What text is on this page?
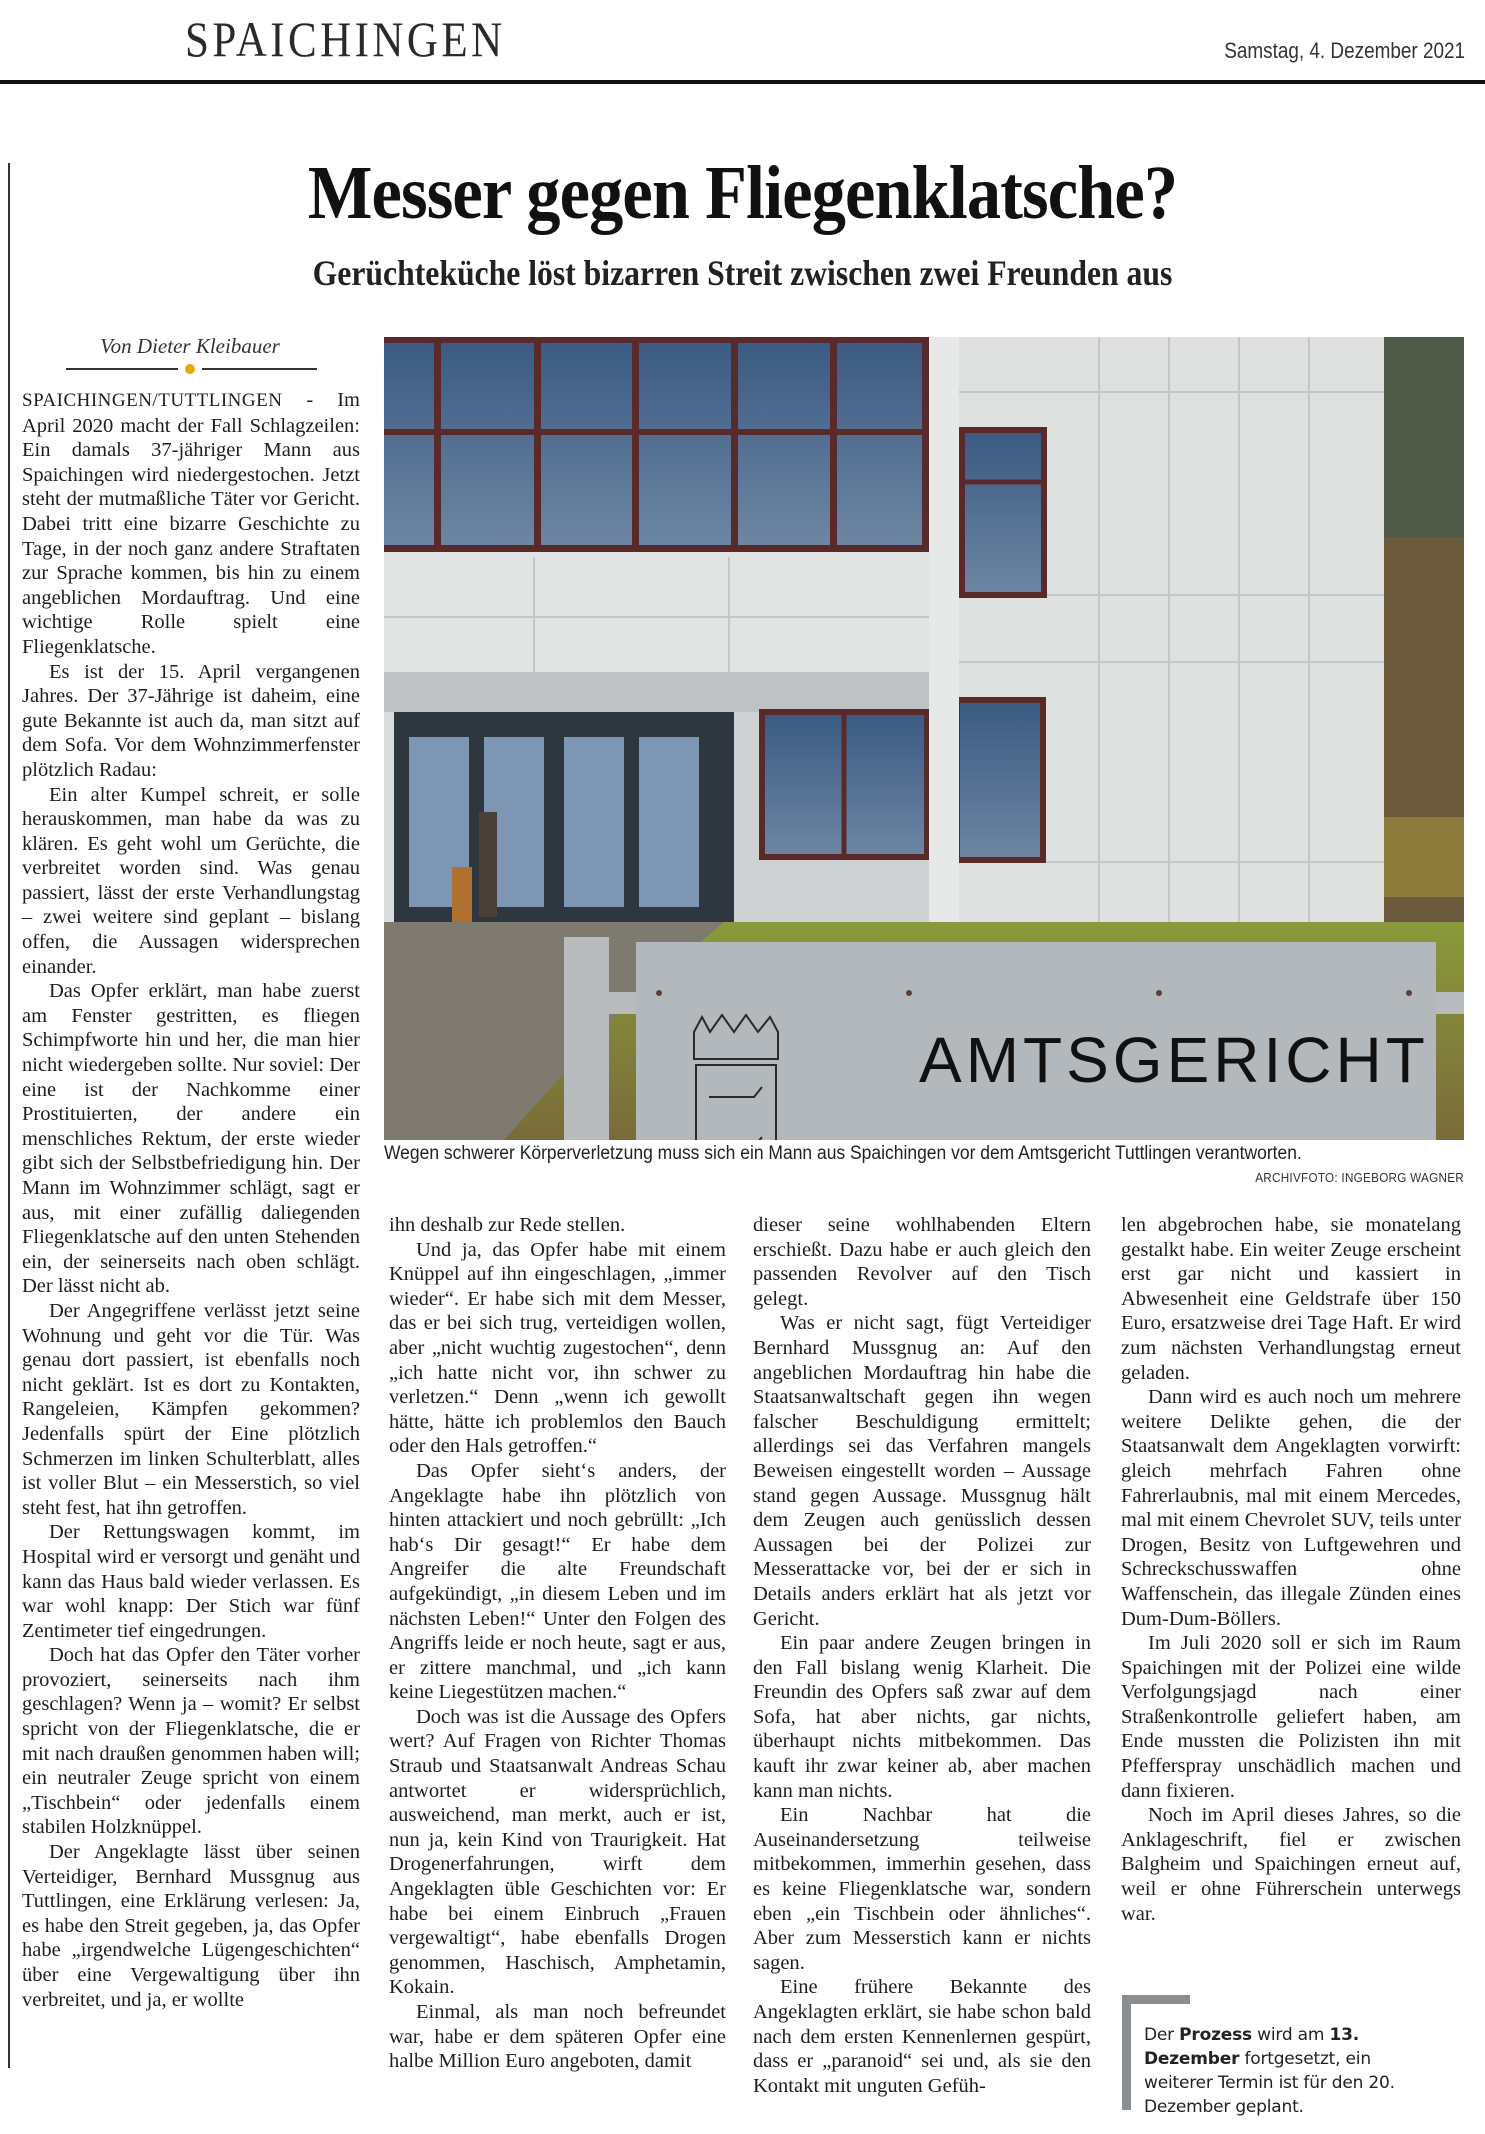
SPAICHINGEN	Samstag, 4. Dezember 2021
Messer gegen Fliegenklatsche?
Gerüchteküche löst bizarren Streit zwischen zwei Freunden aus
Von Dieter Kleibauer

SPAICHINGEN/TUTTLINGEN - Im April 2020 macht der Fall Schlagzeilen: Ein damals 37-jähriger Mann aus Spaichingen wird niedergestochen. Jetzt steht der mutmaßliche Täter vor Gericht. Dabei tritt eine bizarre Geschichte zu Tage, in der noch ganz andere Straftaten zur Sprache kommen, bis hin zu einem angeblichen Mordauftrag. Und eine wichtige Rolle spielt eine Fliegenklatsche.

Es ist der 15. April vergangenen Jahres. Der 37-Jährige ist daheim, eine gute Bekannte ist auch da, man sitzt auf dem Sofa. Vor dem Wohnzimmerfenster plötzlich Radau:

Ein alter Kumpel schreit, er solle herauskommen, man habe da was zu klären. Es geht wohl um Gerüchte, die verbreitet worden sind. Was genau passiert, lässt der erste Verhandlungstag – zwei weitere sind geplant – bislang offen, die Aussagen widersprechen einander.

Das Opfer erklärt, man habe zuerst am Fenster gestritten, es fliegen Schimpfworte hin und her, die man hier nicht wiedergeben sollte. Nur soviel: Der eine ist der Nachkomme einer Prostituierten, der andere ein menschliches Rektum, der erste wieder gibt sich der Selbstbefriedigung hin. Der Mann im Wohnzimmer schlägt, sagt er aus, mit einer zufällig daliegenden Fliegenklatsche auf den unten Stehenden ein, der seinerseits nach oben schlägt. Der lässt nicht ab.

Der Angegriffene verlässt jetzt seine Wohnung und geht vor die Tür. Was genau dort passiert, ist ebenfalls noch nicht geklärt. Ist es dort zu Kontakten, Rangeleien, Kämpfen gekommen? Jedenfalls spürt der Eine plötzlich Schmerzen im linken Schulterblatt, alles ist voller Blut – ein Messerstich, so viel steht fest, hat ihn getroffen.

Der Rettungswagen kommt, im Hospital wird er versorgt und genäht und kann das Haus bald wieder verlassen. Es war wohl knapp: Der Stich war fünf Zentimeter tief eingedrungen.

Doch hat das Opfer den Täter vorher provoziert, seinerseits nach ihm geschlagen? Wenn ja – womit? Er selbst spricht von der Fliegenklatsche, die er mit nach draußen genommen haben will; ein neutraler Zeuge spricht von einem „Tischbein“ oder jedenfalls einem stabilen Holzknüppel.

Der Angeklagte lässt über seinen Verteidiger, Bernhard Mussgnug aus Tuttlingen, eine Erklärung verlesen: Ja, es habe den Streit gegeben, ja, das Opfer habe „irgendwelche Lügengeschichten“ über eine Vergewaltigung über ihn verbreitet, und ja, er wollte

AMTSGERICHT
Wegen schwerer Körperverletzung muss sich ein Mann aus Spaichingen vor dem Amtsgericht Tuttlingen verantworten.
ARCHIVFOTO: INGEBORG WAGNER

ihn deshalb zur Rede stellen.

Und ja, das Opfer habe mit einem Knüppel auf ihn eingeschlagen, „immer wieder“. Er habe sich mit dem Messer, das er bei sich trug, verteidigen wollen, aber „nicht wuchtig zugestochen“, denn „ich hatte nicht vor, ihn schwer zu verletzen.“ Denn „wenn ich gewollt hätte, hätte ich problemlos den Bauch oder den Hals getroffen.“

Das Opfer sieht‘s anders, der Angeklagte habe ihn plötzlich von hinten attackiert und noch gebrüllt: „Ich hab‘s Dir gesagt!“ Er habe dem Angreifer die alte Freundschaft aufgekündigt, „in diesem Leben und im nächsten Leben!“ Unter den Folgen des Angriffs leide er noch heute, sagt er aus, er zittere manchmal, und „ich kann keine Liegestützen machen.“

Doch was ist die Aussage des Opfers wert? Auf Fragen von Richter Thomas Straub und Staatsanwalt Andreas Schau antwortet er widersprüchlich, ausweichend, man merkt, auch er ist, nun ja, kein Kind von Traurigkeit. Hat Drogenerfahrungen, wirft dem Angeklagten üble Geschichten vor: Er habe bei einem Einbruch „Frauen vergewaltigt“, habe ebenfalls Drogen genommen, Haschisch, Amphetamin, Kokain.

Einmal, als man noch befreundet war, habe er dem späteren Opfer eine halbe Million Euro angeboten, damit

dieser seine wohlhabenden Eltern erschießt. Dazu habe er auch gleich den passenden Revolver auf den Tisch gelegt.

Was er nicht sagt, fügt Verteidiger Bernhard Mussgnug an: Auf den angeblichen Mordauftrag hin habe die Staatsanwaltschaft gegen ihn wegen falscher Beschuldigung ermittelt; allerdings sei das Verfahren mangels Beweisen eingestellt worden – Aussage stand gegen Aussage. Mussgnug hält dem Zeugen auch genüsslich dessen Aussagen bei der Polizei zur Messerattacke vor, bei der er sich in Details anders erklärt hat als jetzt vor Gericht.

Ein paar andere Zeugen bringen in den Fall bislang wenig Klarheit. Die Freundin des Opfers saß zwar auf dem Sofa, hat aber nichts, gar nichts, überhaupt nichts mitbekommen. Das kauft ihr zwar keiner ab, aber machen kann man nichts.

Ein Nachbar hat die Auseinandersetzung teilweise mitbekommen, immerhin gesehen, dass es keine Fliegenklatsche war, sondern eben „ein Tischbein oder ähnliches“. Aber zum Messerstich kann er nichts sagen.

Eine frühere Bekannte des Angeklagten erklärt, sie habe schon bald nach dem ersten Kennenlernen gespürt, dass er „paranoid“ sei und, als sie den Kontakt mit unguten Gefüh-

len abgebrochen habe, sie monatelang gestalkt habe. Ein weiter Zeuge erscheint erst gar nicht und kassiert in Abwesenheit eine Geldstrafe über 150 Euro, ersatzweise drei Tage Haft. Er wird zum nächsten Verhandlungstag erneut geladen.

Dann wird es auch noch um mehrere weitere Delikte gehen, die der Staatsanwalt dem Angeklagten vorwirft: gleich mehrfach Fahren ohne Fahrerlaubnis, mal mit einem Mercedes, mal mit einem Chevrolet SUV, teils unter Drogen, Besitz von Luftgewehren und Schreckschusswaffen ohne Waffenschein, das illegale Zünden eines Dum-Dum-Böllers.

Im Juli 2020 soll er sich im Raum Spaichingen mit der Polizei eine wilde Verfolgungsjagd nach einer Straßenkontrolle geliefert haben, am Ende mussten die Polizisten ihn mit Pfefferspray unschädlich machen und dann fixieren.

Noch im April dieses Jahres, so die Anklageschrift, fiel er zwischen Balgheim und Spaichingen erneut auf, weil er ohne Führerschein unterwegs war.

Der Prozess wird am 13. Dezember fortgesetzt, ein weiterer Termin ist für den 20. Dezember geplant.
